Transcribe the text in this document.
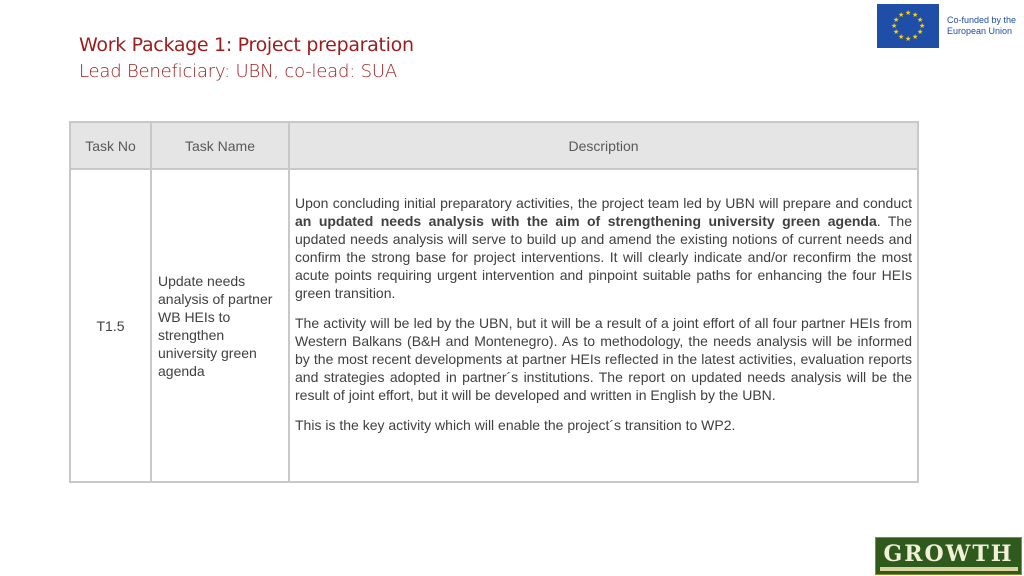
Work Package 1: Project preparation
Lead Beneficiary: UBN, co-lead: SUA
★ ★
★
★
★
★
★
★
★
★
★
★	Co-funded by the
European Union
Task No	Task Name	Description
T1.5	Update needs analysis of partner WB HEIs to strengthen university green agenda	Upon concluding initial preparatory activities, the project team led by UBN will prepare and conduct an updated needs analysis with the aim of strengthening university green agenda. The updated needs analysis will serve to build up and amend the existing notions of current needs and confirm the strong base for project interventions. It will clearly indicate and/or reconfirm the most acute points requiring urgent intervention and pinpoint suitable paths for enhancing the four HEIs green transition.

The activity will be led by the UBN, but it will be a result of a joint effort of all four partner HEIs from Western Balkans (B&H and Montenegro). As to methodology, the needs analysis will be informed by the most recent developments at partner HEIs reflected in the latest activities, evaluation reports and strategies adopted in partner´s institutions. The report on updated needs analysis will be the result of joint effort, but it will be developed and written in English by the UBN.

This is the key activity which will enable the project´s transition to WP2.

GROWTH
